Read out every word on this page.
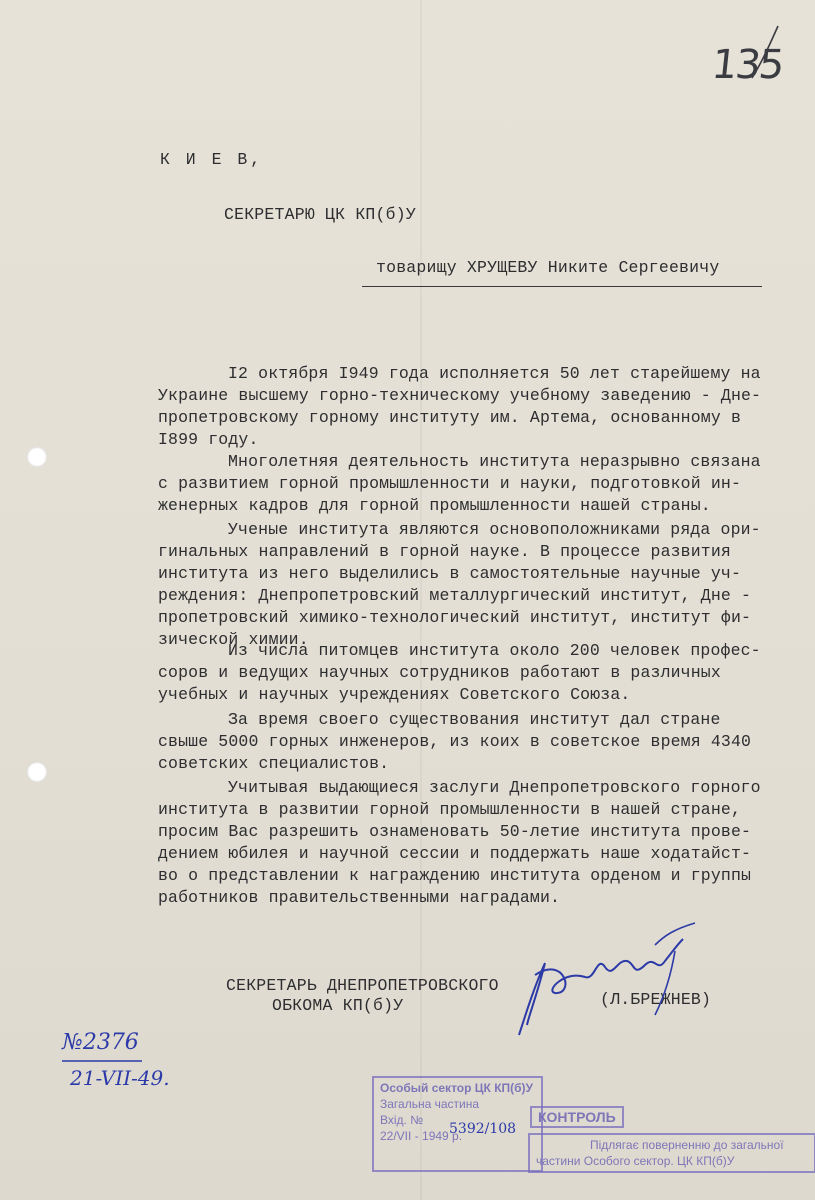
135

К И Е В,

СЕКРЕТАРЮ ЦК КП(б)У

товарищу ХРУЩЕВУ Никите Сергеевичу

I2 октября I949 года исполняется 50 лет старейшему на
Украине высшему горно-техническому учебному заведению - Дне-
пропетровскому горному институту им. Артема, основанному в
I899 году.
Многолетняя деятельность института неразрывно связана
с развитием горной промышленности и науки, подготовкой ин-
женерных кадров для горной промышленности нашей страны.
Ученые института являются основоположниками ряда ори-
гинальных направлений в горной науке. В процессе развития
института из него выделились в самостоятельные научные уч-
реждения: Днепропетровский металлургический институт, Дне -
пропетровский химико-технологический институт, институт фи-
зической химии.
Из числа питомцев института около 200 человек профес-
соров и ведущих научных сотрудников работают в различных
учебных и научных учреждениях Советского Союза.
За время своего существования институт дал стране
свыше 5000 горных инженеров, из коих в советское время 4340
советских специалистов.
Учитывая выдающиеся заслуги Днепропетровского горного
института в развитии горной промышленности в нашей стране,
просим Вас разрешить ознаменовать 50-летие института прове-
дением юбилея и научной сессии и поддержать наше ходатайст-
во о представлении к награждению института орденом и группы
работников правительственными наградами.

СЕКРЕТАРЬ ДНЕПРОПЕТРОВСКОГО

ОБКОМА КП(б)У	(Л.БРЕЖНЕВ)

№2376
21-VII-49.	Особый сектор ЦК КП(б)У
Загальна частина
Вхід. №
22/VII - 1949 р.
5392/108
КОНТРОЛЬ
Підлягає поверненню до загальної
частини Особого сектор. ЦК КП(б)У
